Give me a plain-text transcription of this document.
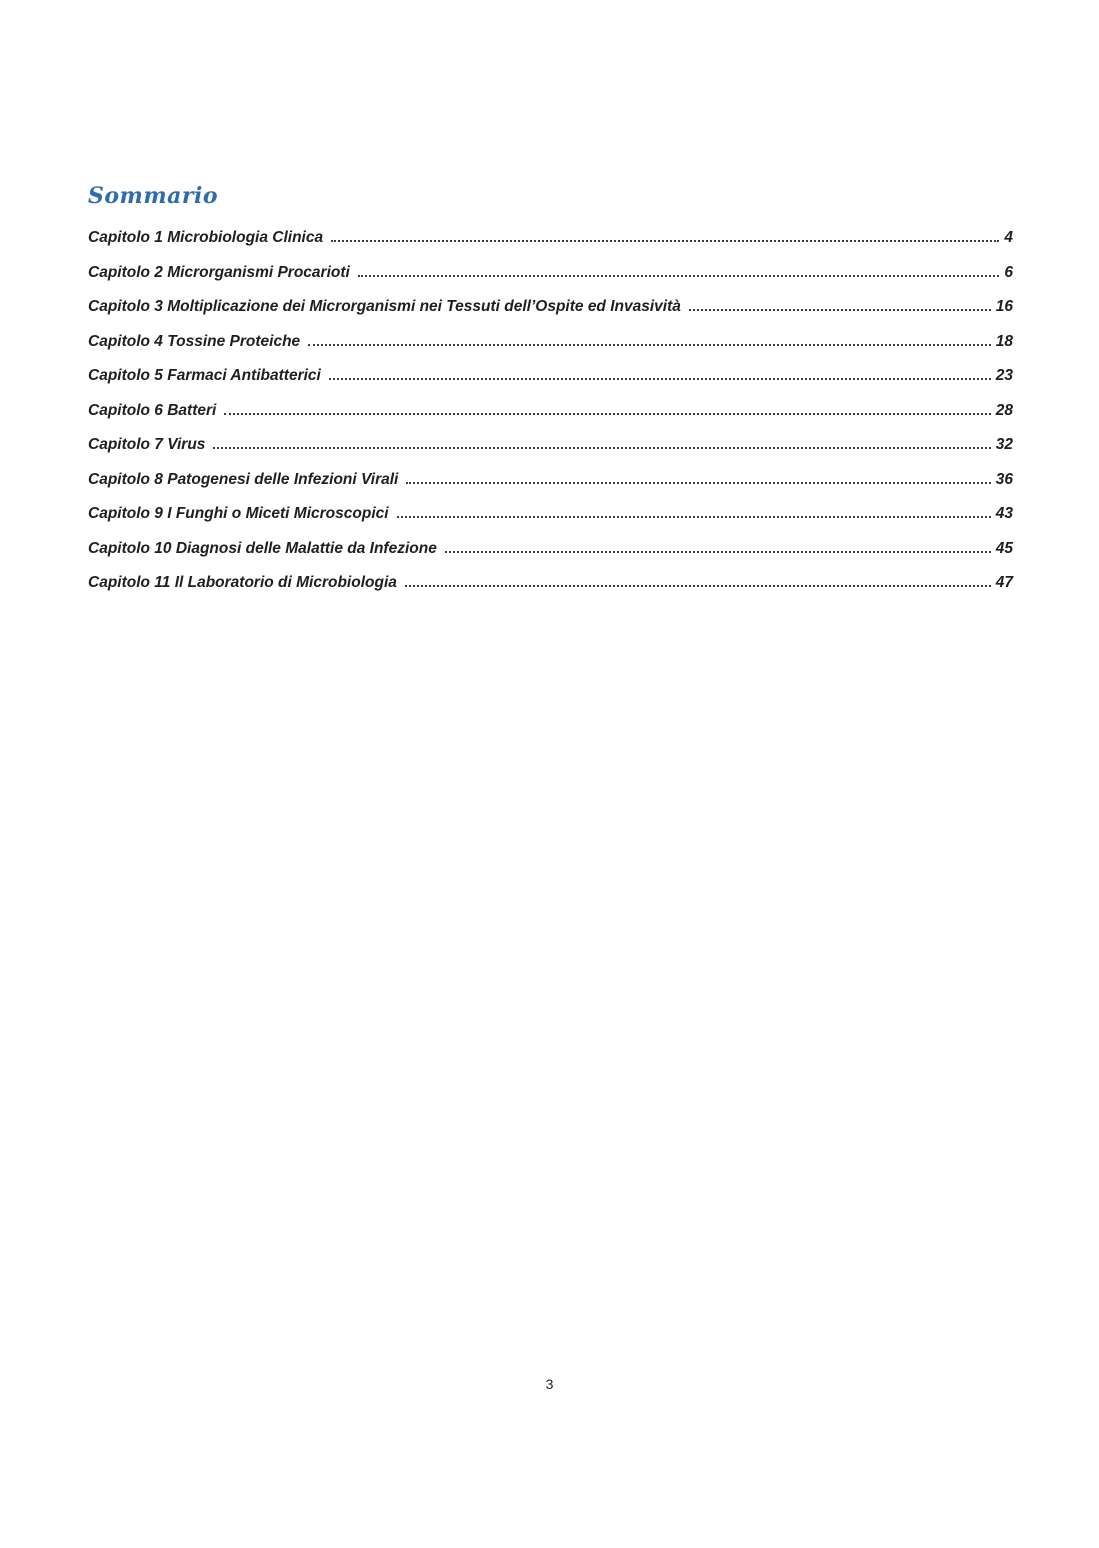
Sommario
Capitolo 1 Microbiologia Clinica	4
Capitolo 2 Microrganismi Procarioti	6
Capitolo 3 Moltiplicazione dei Microrganismi nei Tessuti dell’Ospite ed Invasività	16
Capitolo 4 Tossine Proteiche	18
Capitolo 5 Farmaci Antibatterici	23
Capitolo 6 Batteri	28
Capitolo 7 Virus	32
Capitolo 8 Patogenesi delle Infezioni Virali	36
Capitolo 9 I Funghi o Miceti Microscopici	43
Capitolo 10 Diagnosi delle Malattie da Infezione	45
Capitolo 11 Il Laboratorio di Microbiologia	47
3
